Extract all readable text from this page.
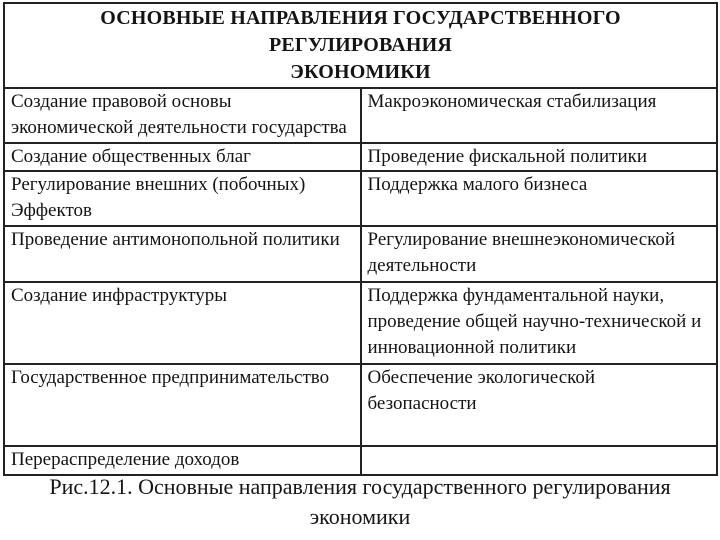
ОСНОВНЫЕ НАПРАВЛЕНИЯ ГОСУДАРСТВЕННОГО РЕГУЛИРОВАНИЯ
ЭКОНОМИКИ	

Создание правовой основы
экономической деятельности государства	Макроэкономическая стабилизация

Создание общественных благ	Проведение фискальной политики

Регулирование внешних (побочных)
Эффектов	Поддержка малого бизнеса

Проведение антимонопольной политики	Регулирование внешнеэкономической
деятельности

Создание инфраструктуры	Поддержка фундаментальной науки,
проведение общей научно-технической и
инновационной политики

Государственное предпринимательство	Обеспечение экологической
безопасности

Перераспределение доходов	

Рис.12.1. Основные направления государственного регулирования
экономики
